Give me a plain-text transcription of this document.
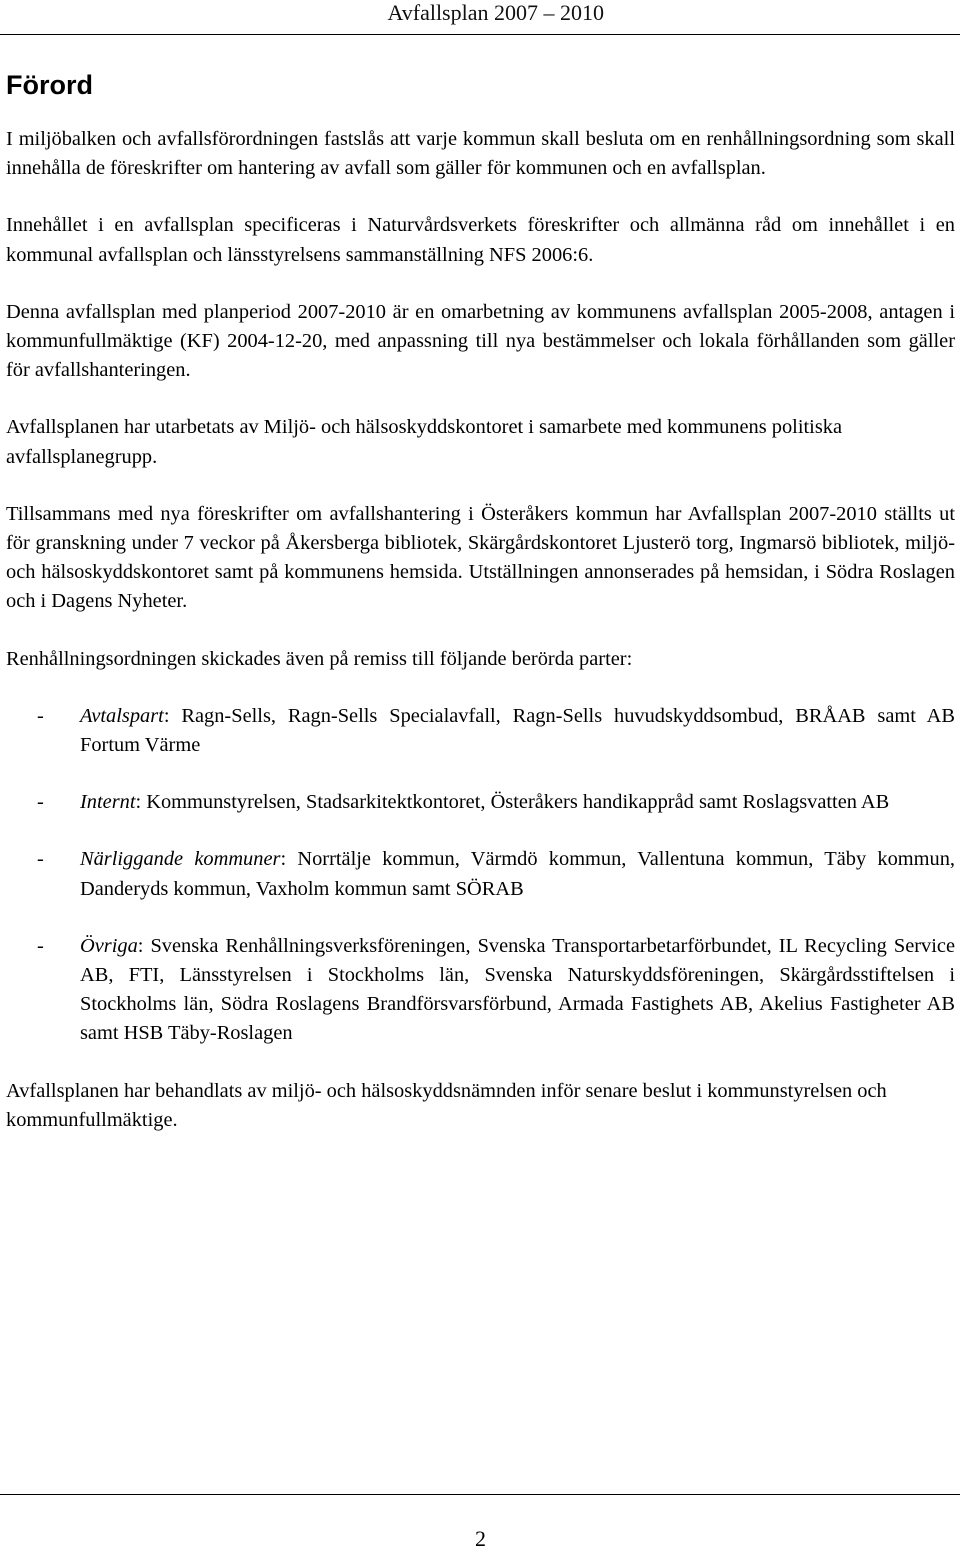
Avfallsplan 2007 – 2010
Förord

I miljöbalken och avfallsförordningen fastslås att varje kommun skall besluta om en renhållningsordning som skall innehålla de föreskrifter om hantering av avfall som gäller för kommunen och en avfallsplan.

Innehållet i en avfallsplan specificeras i Naturvårdsverkets föreskrifter och allmänna råd om innehållet i en kommunal avfallsplan och länsstyrelsens sammanställning NFS 2006:6.

Denna avfallsplan med planperiod 2007-2010 är en omarbetning av kommunens avfallsplan 2005-2008, antagen i kommunfullmäktige (KF) 2004-12-20, med anpassning till nya bestämmelser och lokala förhållanden som gäller för avfallshanteringen.

Avfallsplanen har utarbetats av Miljö- och hälsoskyddskontoret i samarbete med kommunens politiska avfallsplanegrupp.

Tillsammans med nya föreskrifter om avfallshantering i Österåkers kommun har Avfallsplan 2007-2010 ställts ut för granskning under 7 veckor på Åkersberga bibliotek, Skärgårdskontoret Ljusterö torg, Ingmarsö bibliotek, miljö- och hälsoskyddskontoret samt på kommunens hemsida. Utställningen annonserades på hemsidan, i Södra Roslagen och i Dagens Nyheter.

Renhållningsordningen skickades även på remiss till följande berörda parter:

- Avtalspart: Ragn-Sells, Ragn-Sells Specialavfall, Ragn-Sells huvudskyddsombud, BRÅAB samt AB Fortum Värme
- Internt: Kommunstyrelsen, Stadsarkitektkontoret, Österåkers handikappråd samt Roslagsvatten AB
- Närliggande kommuner: Norrtälje kommun, Värmdö kommun, Vallentuna kommun, Täby kommun, Danderyds kommun, Vaxholm kommun samt SÖRAB
- Övriga: Svenska Renhållningsverksföreningen, Svenska Transportarbetarförbundet, IL Recycling Service AB, FTI, Länsstyrelsen i Stockholms län, Svenska Naturskyddsföreningen, Skärgårdsstiftelsen i Stockholms län, Södra Roslagens Brandförsvarsförbund, Armada Fastighets AB, Akelius Fastigheter AB samt HSB Täby-Roslagen

Avfallsplanen har behandlats av miljö- och hälsoskyddsnämnden inför senare beslut i kommunstyrelsen och kommunfullmäktige.

2
